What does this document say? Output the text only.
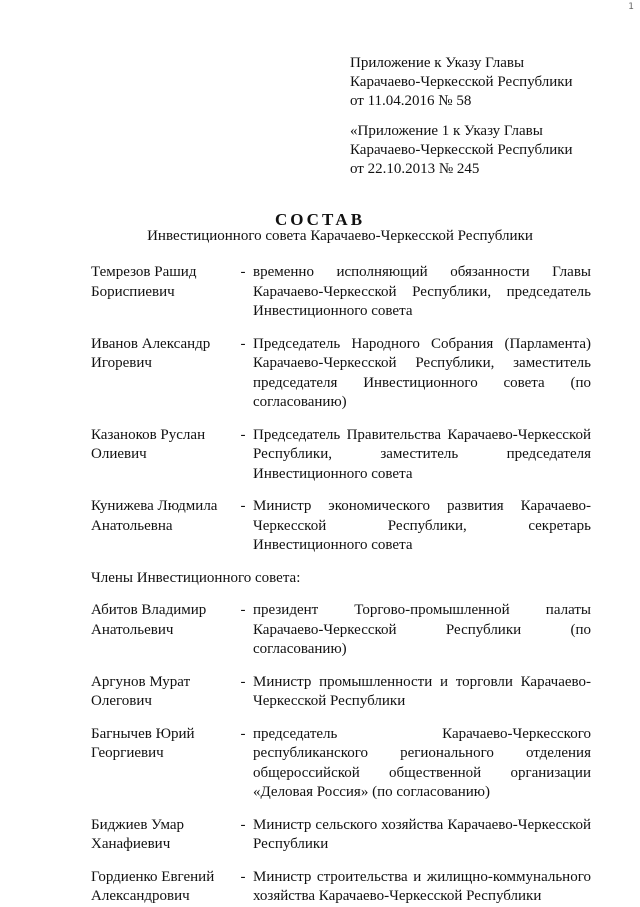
1
Приложение к Указу Главы
Карачаево-Черкесской Республики
от 11.04.2016 № 58
«Приложение 1 к Указу Главы
Карачаево-Черкесской Республики
от 22.10.2013 № 245
СОСТАВ
Инвестиционного совета Карачаево-Черкесской Республики
Темрезов Рашид
Бориспиевич
- временно исполняющий обязанности Главы Карачаево-Черкесской Республики, председатель Инвестиционного совета
Иванов Александр
Игоревич
- Председатель Народного Собрания (Парламента) Карачаево-Черкесской Республики, заместитель председателя Инвестиционного совета (по согласованию)
Казаноков Руслан
Олиевич
- Председатель Правительства Карачаево-Черкесской Республики, заместитель председателя Инвестиционного совета
Кунижева Людмила
Анатольевна
- Министр экономического развития Карачаево-Черкесской Республики, секретарь Инвестиционного совета
Члены Инвестиционного совета:
Абитов Владимир
Анатольевич
- президент Торгово-промышленной палаты Карачаево-Черкесской Республики (по согласованию)
Аргунов Мурат
Олегович
- Министр промышленности и торговли Карачаево-Черкесской Республики
Багнычев Юрий
Георгиевич
- председатель Карачаево-Черкесского республиканского регионального отделения общероссийской общественной организации «Деловая Россия» (по согласованию)
Биджиев Умар
Ханафиевич
- Министр сельского хозяйства Карачаево-Черкесской Республики
Гордиенко Евгений
Александрович
- Министр строительства и жилищно-коммунального хозяйства Карачаево-Черкесской Республики
